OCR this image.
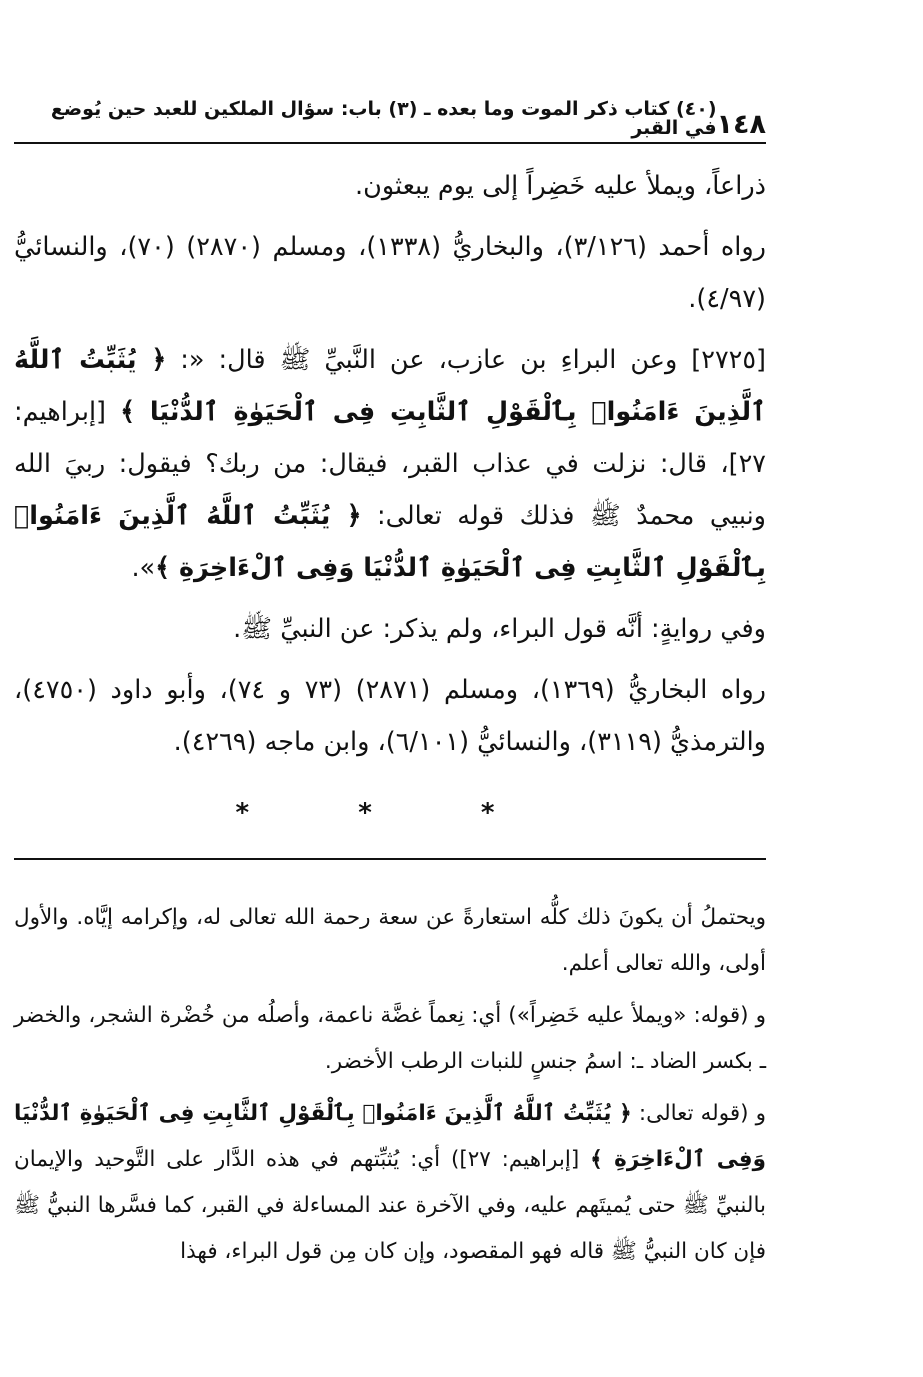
١٤٨
(٤٠) كتاب ذكر الموت وما بعده ـ (٣) باب: سؤال الملكين للعبد حين يُوضع في القبر

ذراعاً، ويملأ عليه خَضِراً إلى يوم يبعثون.

رواه أحمد (٣/١٢٦)، والبخاريُّ (١٣٣٨)، ومسلم (٢٨٧٠) (٧٠)، والنسائيُّ (٤/٩٧).

[٢٧٢٥] وعن البراءِ بن عازب، عن النَّبيِّ ﷺ قال: «: ﴿ يُثَبِّتُ ٱللَّهُ ٱلَّذِينَ ءَامَنُوا۟ بِٱلْقَوْلِ ٱلثَّابِتِ فِى ٱلْحَيَوٰةِ ٱلدُّنْيَا ﴾ [إبراهيم: ٢٧]، قال: نزلت في عذاب القبر، فيقال: من ربك؟ فيقول: ربيَ الله ونبيي محمدٌ ﷺ فذلك قوله تعالى: ﴿ يُثَبِّتُ ٱللَّهُ ٱلَّذِينَ ءَامَنُوا۟ بِٱلْقَوْلِ ٱلثَّابِتِ فِى ٱلْحَيَوٰةِ ٱلدُّنْيَا وَفِى ٱلْءَاخِرَةِ ﴾».

وفي روايةٍ: أنَّه قول البراء، ولم يذكر: عن النبيِّ ﷺ.

رواه البخاريُّ (١٣٦٩)، ومسلم (٢٨٧١) (٧٣ و ٧٤)، وأبو داود (٤٧٥٠)، والترمذيُّ (٣١١٩)، والنسائيُّ (٦/١٠١)، وابن ماجه (٤٢٦٩).

* * *

ويحتملُ أن يكونَ ذلك كلُّه استعارةً عن سعة رحمة الله تعالى له، وإكرامه إيَّاه. والأول أولى، والله تعالى أعلم.

و (قوله: «ويملأ عليه خَضِراً») أي: نِعماً غضَّة ناعمة، وأصلُه من خُضْرة الشجر، والخضر ـ بكسر الضاد ـ: اسمُ جنسٍ للنبات الرطب الأخضر.

و (قوله تعالى: ﴿ يُثَبِّتُ ٱللَّهُ ٱلَّذِينَ ءَامَنُوا۟ بِٱلْقَوْلِ ٱلثَّابِتِ فِى ٱلْحَيَوٰةِ ٱلدُّنْيَا وَفِى ٱلْءَاخِرَةِ ﴾ [إبراهيم: ٢٧]) أي: يُثبِّتهم في هذه الدَّار على التَّوحيد والإيمان بالنبيِّ ﷺ حتى يُميتَهم عليه، وفي الآخرة عند المساءلة في القبر، كما فسَّرها النبيُّ ﷺ فإن كان النبيُّ ﷺ قاله فهو المقصود، وإن كان مِن قول البراء، فهذا
